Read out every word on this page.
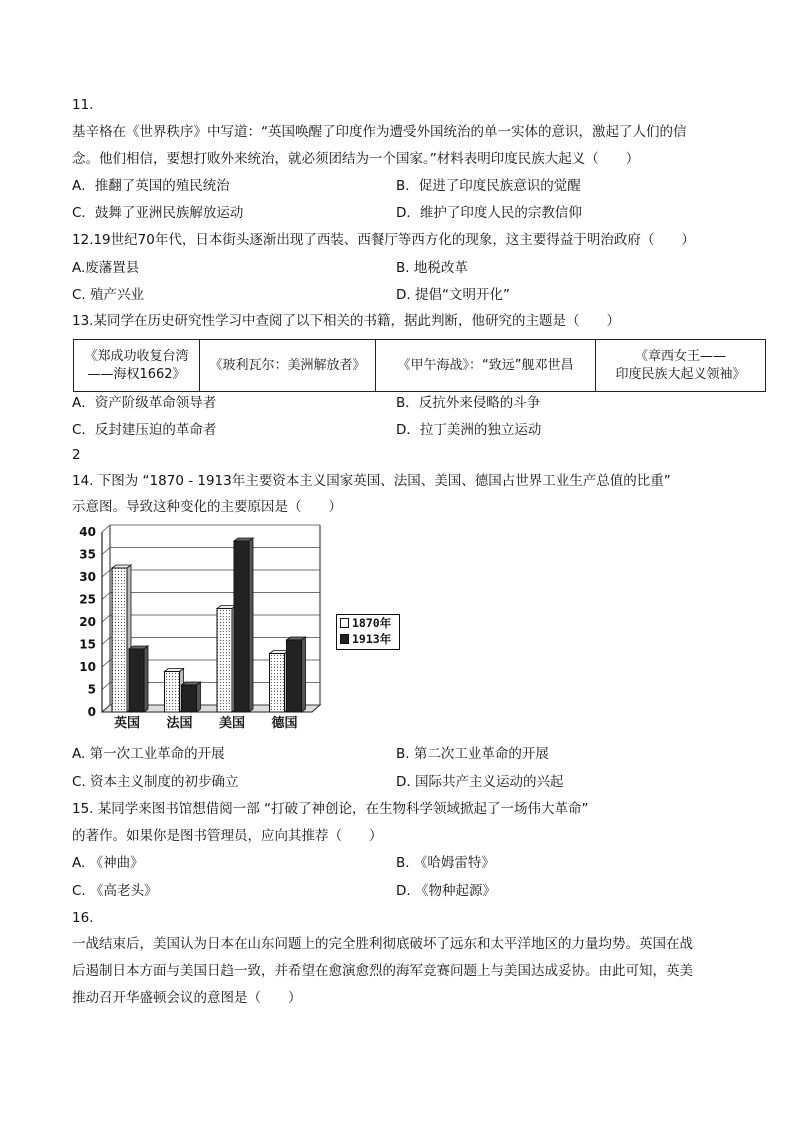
11.
基辛格在《世界秩序》中写道：“英国唤醒了印度作为遭受外国统治的单一实体的意识，激起了人们的信
念。他们相信，要想打败外来统治，就必须团结为一个国家。”材料表明印度民族大起义（　　）
A．推翻了英国的殖民统治	B．促进了印度民族意识的觉醒
C．鼓舞了亚洲民族解放运动	D．维护了印度人民的宗教信仰
12.19世纪70年代，日本街头逐渐出现了西装、西餐厅等西方化的现象，这主要得益于明治政府（　　）
A.废藩置县	B. 地税改革
C. 殖产兴业	D. 提倡“文明开化”
13.某同学在历史研究性学习中查阅了以下相关的书籍，据此判断，他研究的主题是（　　）
《郑成功收复台湾
——海权1662》	《玻利瓦尔：美洲解放者》	《甲午海战》：“致远”舰邓世昌	《章西女王——
印度民族大起义领袖》
A．资产阶级革命领导者	B．反抗外来侵略的斗争
C．反封建压迫的革命者	D．拉丁美洲的独立运动
2
14. 下图为 “1870 - 1913年主要资本主义国家英国、法国、美国、德国占世界工业生产总值的比重”
示意图。导致这种变化的主要原因是（　　）
0
5
10
15
20
25
30
35
40
英国 法国 美国 德国
1870年
1913年
A. 第一次工业革命的开展	B. 第二次工业革命的开展
C. 资本主义制度的初步确立	D. 国际共产主义运动的兴起
15. 某同学来图书馆想借阅一部 “打破了神创论，在生物科学领域掀起了一场伟大革命”
的著作。如果你是图书管理员，应向其推荐（　　）
A. 《神曲》	B. 《哈姆雷特》
C. 《高老头》	D. 《物种起源》
16.
一战结束后，美国认为日本在山东问题上的完全胜利彻底破坏了远东和太平洋地区的力量均势。英国在战
后遏制日本方面与美国日趋一致，并希望在愈演愈烈的海军竞赛问题上与美国达成妥协。由此可知，英美
推动召开华盛顿会议的意图是（　　）
